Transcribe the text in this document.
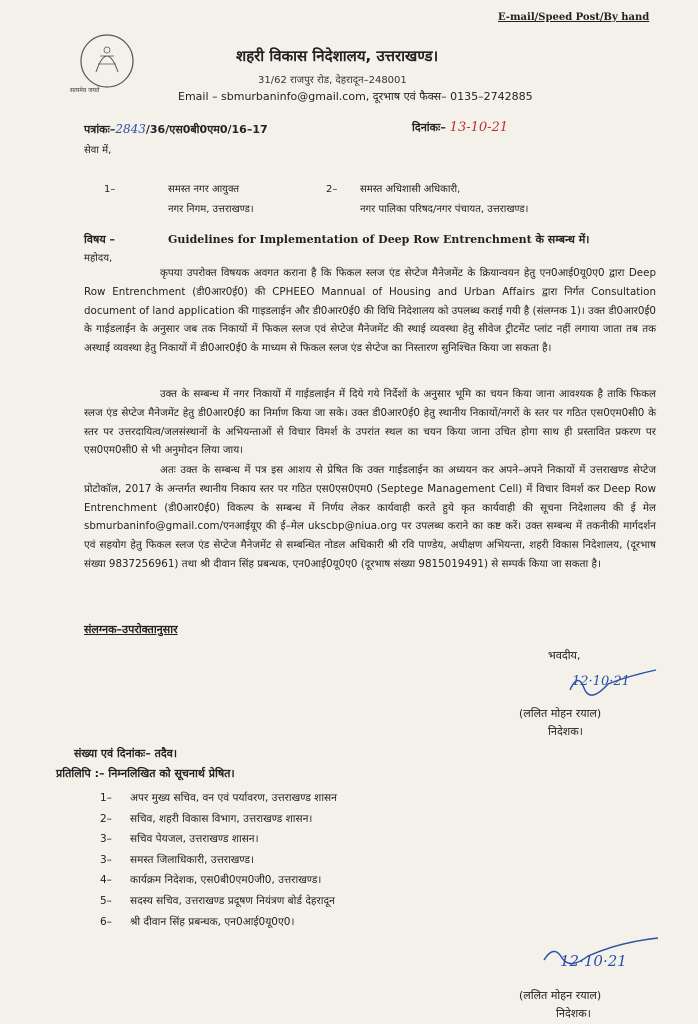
E-mail/Speed Post/By hand
सत्यमेव जयते
शहरी विकास निदेशालय, उत्तराखण्ड।
31/62 राजपुर रोड, देहरादून–248001
Email – sbmurbaninfo@gmail.com, दूरभाष एवं फैक्स– 0135–2742885
पत्रांकः–2843/36/एस0बी0एम0/16–17	दिनांकः– 13-10-21
सेवा में,
1–	समस्त नगर आयुक्त
नगर निगम, उत्तराखण्ड।
2– समस्त अधिशासी अधिकारी,
नगर पालिका परिषद/नगर पंचायत, उत्तराखण्ड।
विषय –	Guidelines for Implementation of Deep Row Entrenchment के सम्बन्ध में।
महोदय,
कृपया उपरोक्त विषयक अवगत कराना है कि फिकल स्लज एंड सेप्टेज मैनेजमेंट के क्रियान्वयन हेतु एन0आई0यू0ए0 द्वारा Deep Row Entrenchment (डी0आर0ई0) की CPHEEO Mannual of Housing and Urban Affairs द्वारा निर्गत Consultation document of land application की गाइडलाईन और डी0आर0ई0 की विधि निदेशालय को उपलब्ध कराई गयी है (संलग्नक 1)। उक्त डी0आर0ई0 के गाईडलाईन के अनुसार जब तक निकायों में फिकल स्लज एवं सेप्टेज मैनेजमेंट की स्थाई व्यवस्था हेतु सीवेज ट्रीटमेंट प्लांट नहीं लगाया जाता तब तक अस्थाई व्यवस्था हेतु निकायों में डी0आर0ई0 के माध्यम से फिकल स्लज एंड सेप्टेज का निस्तारण सुनिश्चित किया जा सकता है।
उक्त के सम्बन्ध में नगर निकायों में गाईडलाईन में दिये गये निर्देशों के अनुसार भूमि का चयन किया जाना आवश्यक है ताकि फिकल स्लज एंड सेप्टेज मैनेजमेंट हेतु डी0आर0ई0 का निर्माण किया जा सके। उक्त डी0आर0ई0 हेतु स्थानीय निकायों/नगरों के स्तर पर गठित एस0एम0सी0 के स्तर पर उत्तरदायित्व/जलसंस्थानों के अभियन्ताओं से विचार विमर्श के उपरांत स्थल का चयन किया जाना उचित होगा साथ ही प्रस्तावित प्रकरण पर एस0एम0सी0 से भी अनुमोदन लिया जाय।
अतः उक्त के सम्बन्ध में पत्र इस आशय से प्रेषित कि उक्त गाईडलाईन का अध्ययन कर अपने–अपने निकायों में उत्तराखण्ड सेप्टेज प्रोटोकॉल, 2017 के अन्तर्गत स्थानीय निकाय स्तर पर गठित एस0एस0एम0 (Septege Management Cell) में विचार विमर्श कर Deep Row Entrenchment (डी0आर0ई0) विकल्प के सम्बन्ध में निर्णय लेकर कार्यवाही करते हुये कृत कार्यवाही की सूचना निदेशालय की ई मेल sbmurbaninfo@gmail.com/एनआईयूए की ई–मेल ukscbp@niua.org पर उपलब्ध कराने का कष्ट करें। उक्त सम्बन्ध में तकनीकी मार्गदर्शन एवं सहयोग हेतु फिकल स्लज एंड सेप्टेज मैनेजमेंट से सम्बन्धित नोडल अधिकारी श्री रवि पाण्डेय, अधीक्षण अभियन्ता, शहरी विकास निदेशालय, (दूरभाष संख्या 9837256961) तथा श्री दीवान सिंह प्रबन्धक, एन0आई0यू0ए0 (दूरभाष संख्या 9815019491) से सम्पर्क किया जा सकता है।
संलग्नक–उपरोक्तानुसार
भवदीय,
12·10·21
(ललित मोहन रयाल)
निदेशक।
संख्या एवं दिनांकः– तदैव।
प्रतिलिपि :– निम्नलिखित को सूचनार्थ प्रेषित।
1– अपर मुख्य सचिव, वन एवं पर्यावरण, उत्तराखण्ड शासन
2– सचिव, शहरी विकास विभाग, उत्तराखण्ड शासन।
3– सचिव पेयजल, उत्तराखण्ड शासन।
3– समस्त जिलाधिकारी, उत्तराखण्ड।
4– कार्यक्रम निदेशक, एस0बी0एम0जी0, उत्तराखण्ड।
5– सदस्य सचिव, उत्तराखण्ड प्रदूषण नियंत्रण बोर्ड देहरादून
6– श्री दीवान सिंह प्रबन्धक, एन0आई0यू0ए0।
12·10·21
(ललित मोहन रयाल)
निदेशक।
